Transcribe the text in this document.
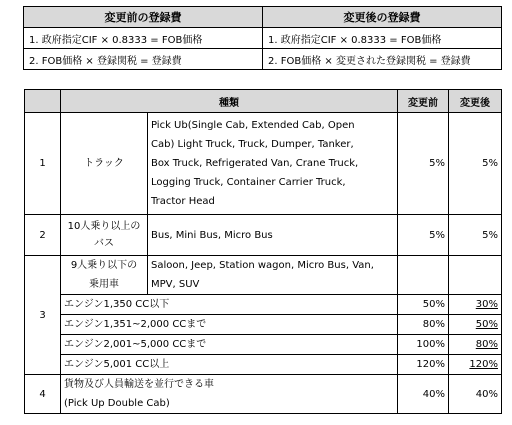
変更前の登録費	変更後の登録費
1. 政府指定CIF × 0.8333 = FOB価格	1. 政府指定CIF × 0.8333 = FOB価格
2. FOB価格 × 登録関税 = 登録費	2. FOB価格 × 変更された登録関税 = 登録費
	種類		変更前	変更後
1	トラック	Pick Ub(Single Cab, Extended Cab, Open
Cab) Light Truck, Truck, Dumper, Tanker,
Box Truck, Refrigerated Van, Crane Truck,
Logging Truck, Container Carrier Truck,
Tractor Head	5%	5%
2	10人乗り以上の
バス	Bus, Mini Bus, Micro Bus	5%	5%
3	9人乗り以下の
乗用車	Saloon, Jeep, Station wagon, Micro Bus, Van,
MPV, SUV		

	エンジン1,350 CC以下		50%	30%
	エンジン1,351~2,000 CCまで		80%	50%
	エンジン2,001~5,000 CCまで		100%	80%
	エンジン5,001 CC以上		120%	120%
4	貨物及び人員輸送を並行できる車
(Pick Up Double Cab)		40%	40%
